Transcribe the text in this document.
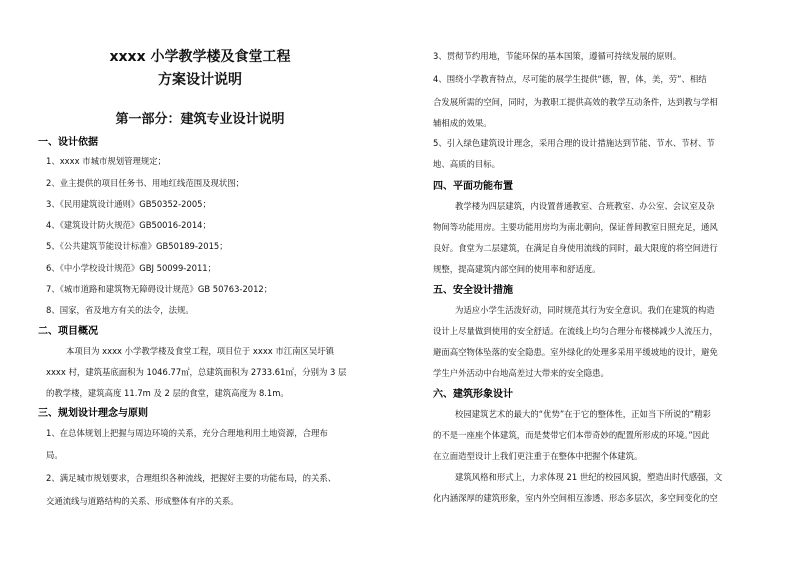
xxxx 小学教学楼及食堂工程
方案设计说明
第一部分：建筑专业设计说明
一、设计依据
1、xxxx 市城市规划管理规定；
2、业主提供的项目任务书、用地红线范围及现状图；
3、《民用建筑设计通则》GB50352-2005；
4、《建筑设计防火规范》GB50016-2014；
5、《公共建筑节能设计标准》GB50189-2015；
6、《中小学校设计规范》GBJ 50099-2011；
7、《城市道路和建筑物无障碍设计规范》GB 50763-2012；
8、国家，省及地方有关的法令，法规。
二、项目概况
本项目为 xxxx 小学教学楼及食堂工程，项目位于 xxxx 市江南区吴圩镇
xxxx 村，建筑基底面积为 1046.77㎡，总建筑面积为 2733.61㎡，分别为 3 层
的教学楼，建筑高度 11.7m 及 2 层的食堂，建筑高度为 8.1m。
三、规划设计理念与原则
1、在总体规划上把握与周边环境的关系，充分合理地利用土地资源，合理布
局。
2、满足城市规划要求，合理组织各种流线，把握好主要的功能布局，的关系、
交通流线与道路结构的关系、形成整体有序的关系。
3、贯彻节约用地，节能环保的基本国策，遵循可持续发展的原则。
4、围绕小学教育特点，尽可能的展学生提供“德，智，体，美，劳”、相结
合发展所需的空间，同时，为教职工提供高效的教学互动条件，达到教与学相
辅相成的效果。
5、引入绿色建筑设计理念，采用合理的设计措施达到节能、节水、节材、节
地、高质的目标。
四、平面功能布置
教学楼为四层建筑，内设置普通教室、合班教室、办公室、会议室及杂
物间等功能用房。主要功能用房均为南北朝向，保证普间教室日照充足，通风
良好。食堂为二层建筑，在满足自身使用流线的同时，最大限度的将空间进行
规整，提高建筑内部空间的使用率和舒适度。
五、安全设计措施
为适应小学生活泼好动，同时规范其行为安全意识。我们在建筑的构造
设计上尽量做到使用的安全舒适。在流线上均匀合理分布楼梯减少人流压力，
避面高空物体坠落的安全隐患。室外绿化的处理多采用平缓坡地的设计，避免
学生户外活动中台地高差过大带来的安全隐患。
六、建筑形象设计
校园建筑艺术的最大的“优势”在于它的整体性，正如当下所说的“精彩
的不是一座座个体建筑，而是焚带它们本带奇妙的配置所形成的环境。”因此
在立面造型设计上我们更注重于在整体中把握个体建筑。
建筑风格和形式上，力求体现 21 世纪的校园风貌，塑造出时代感强，文
化内涵深厚的建筑形象，室内外空间相互渗透、形态多层次，多空间变化的空
